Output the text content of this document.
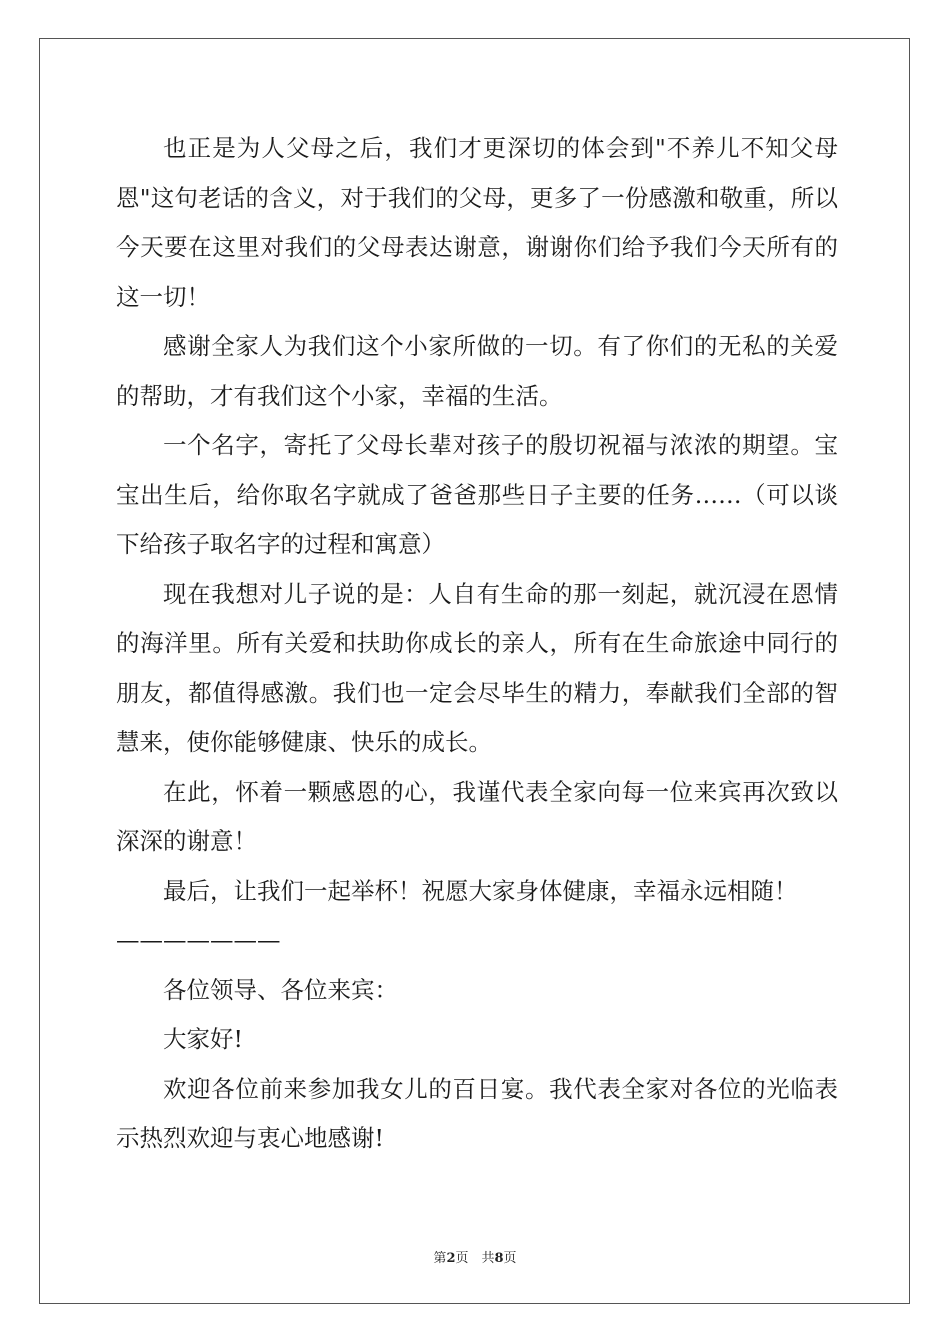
也正是为人父母之后，我们才更深切的体会到"不养儿不知父母恩"这句老话的含义，对于我们的父母，更多了一份感激和敬重，所以今天要在这里对我们的父母表达谢意，谢谢你们给予我们今天所有的这一切！

感谢全家人为我们这个小家所做的一切。有了你们的无私的关爱的帮助，才有我们这个小家，幸福的生活。

一个名字，寄托了父母长辈对孩子的殷切祝福与浓浓的期望。宝宝出生后，给你取名字就成了爸爸那些日子主要的任务……（可以谈下给孩子取名字的过程和寓意）

现在我想对儿子说的是：人自有生命的那一刻起，就沉浸在恩情的海洋里。所有关爱和扶助你成长的亲人，所有在生命旅途中同行的朋友，都值得感激。我们也一定会尽毕生的精力，奉献我们全部的智慧来，使你能够健康、快乐的成长。

在此，怀着一颗感恩的心，我谨代表全家向每一位来宾再次致以深深的谢意！

最后，让我们一起举杯！祝愿大家身体健康，幸福永远相随！

———————

各位领导、各位来宾：

大家好!

欢迎各位前来参加我女儿的百日宴。我代表全家对各位的光临表示热烈欢迎与衷心地感谢!

第2页　共8页
